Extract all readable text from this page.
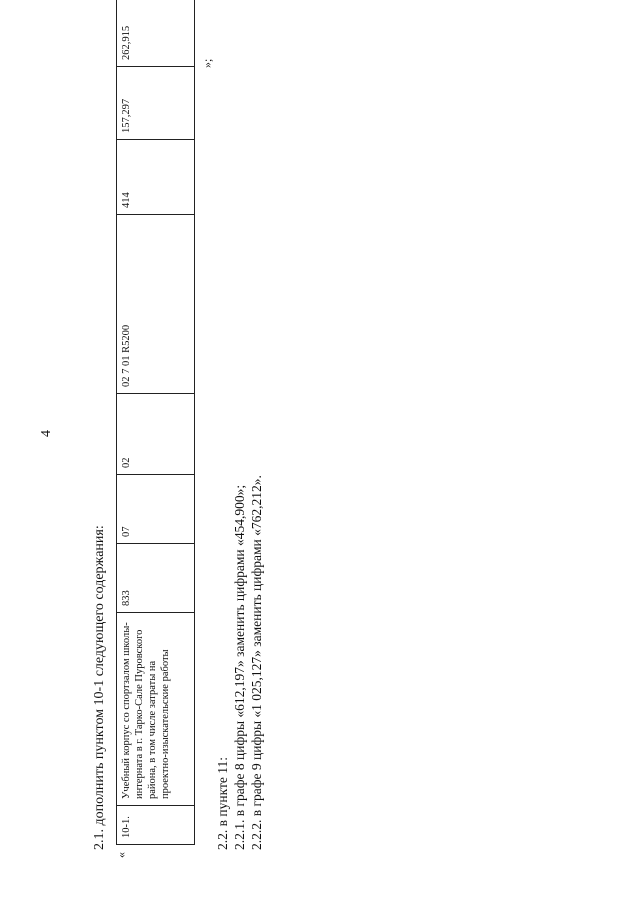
4
2.1. дополнить пунктом 10-1 следующего содержания:
«
10-1.	Учебный корпус со спортзалом школы-интерната в г. Тарко-Сале Пуровского района, в том числе затраты на проектно-изыскательские работы	833	07	02	02 7 01 R5200	414	157,297	262,915
»;
2.2. в пункте 11: 2.2.1. в графе 8 цифры «612,197» заменить цифрами «454,900»; 2.2.2. в графе 9 цифры «1 025,127» заменить цифрами «762,212».
